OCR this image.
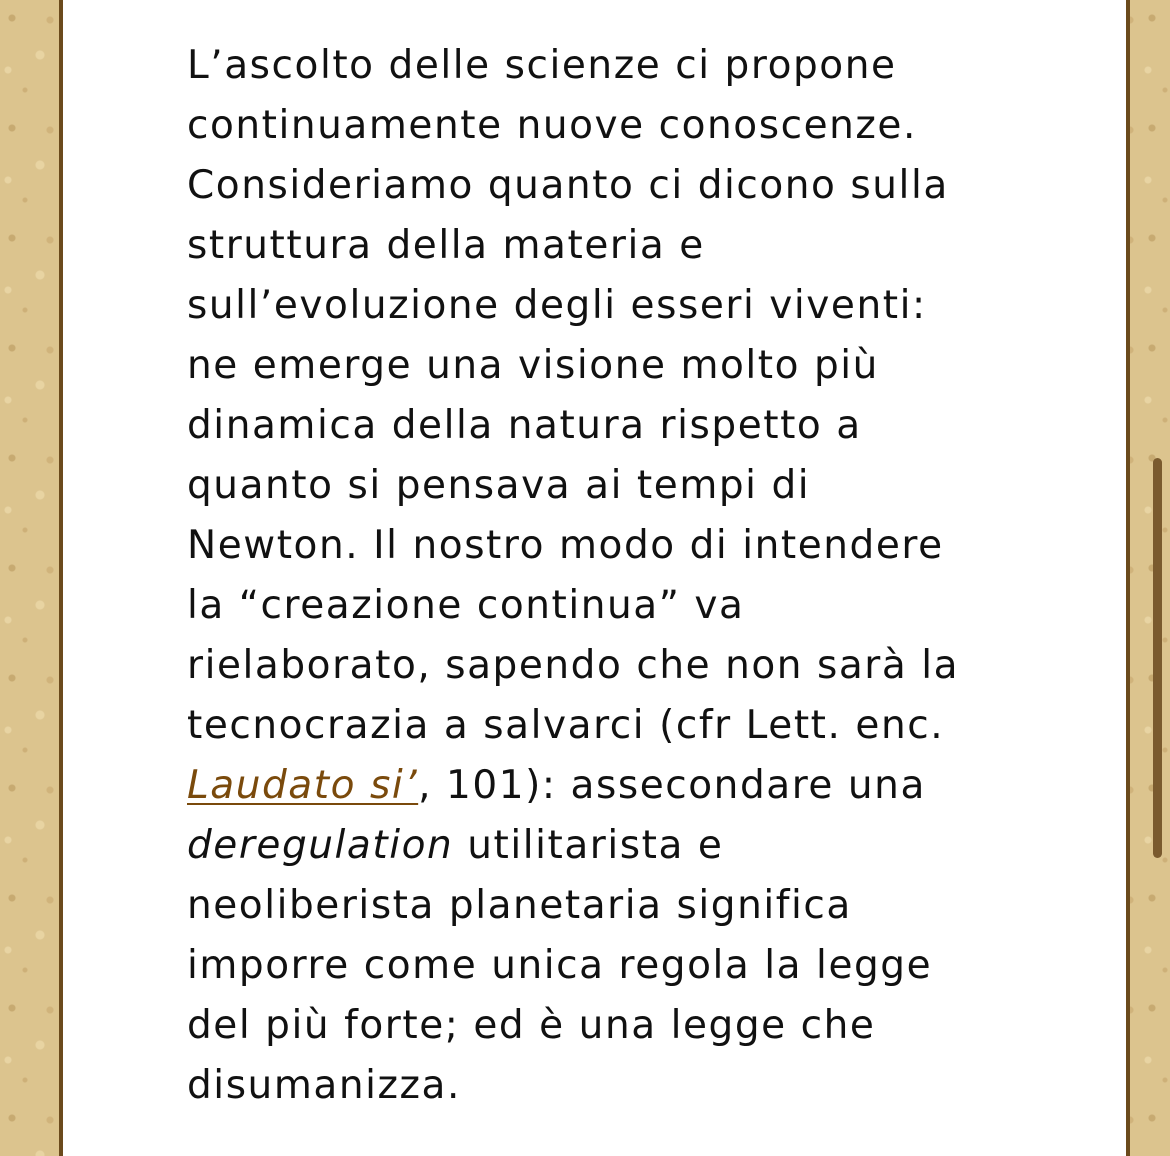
L’ascolto delle scienze ci propone
continuamente nuove conoscenze.
Consideriamo quanto ci dicono sulla
struttura della materia e
sull’evoluzione degli esseri viventi:
ne emerge una visione molto più
dinamica della natura rispetto a
quanto si pensava ai tempi di
Newton. Il nostro modo di intendere
la “creazione continua” va
rielaborato, sapendo che non sarà la
tecnocrazia a salvarci (cfr Lett. enc.
Laudato si’, 101): assecondare una
deregulation utilitarista e
neoliberista planetaria significa
imporre come unica regola la legge
del più forte; ed è una legge che
disumanizza.
